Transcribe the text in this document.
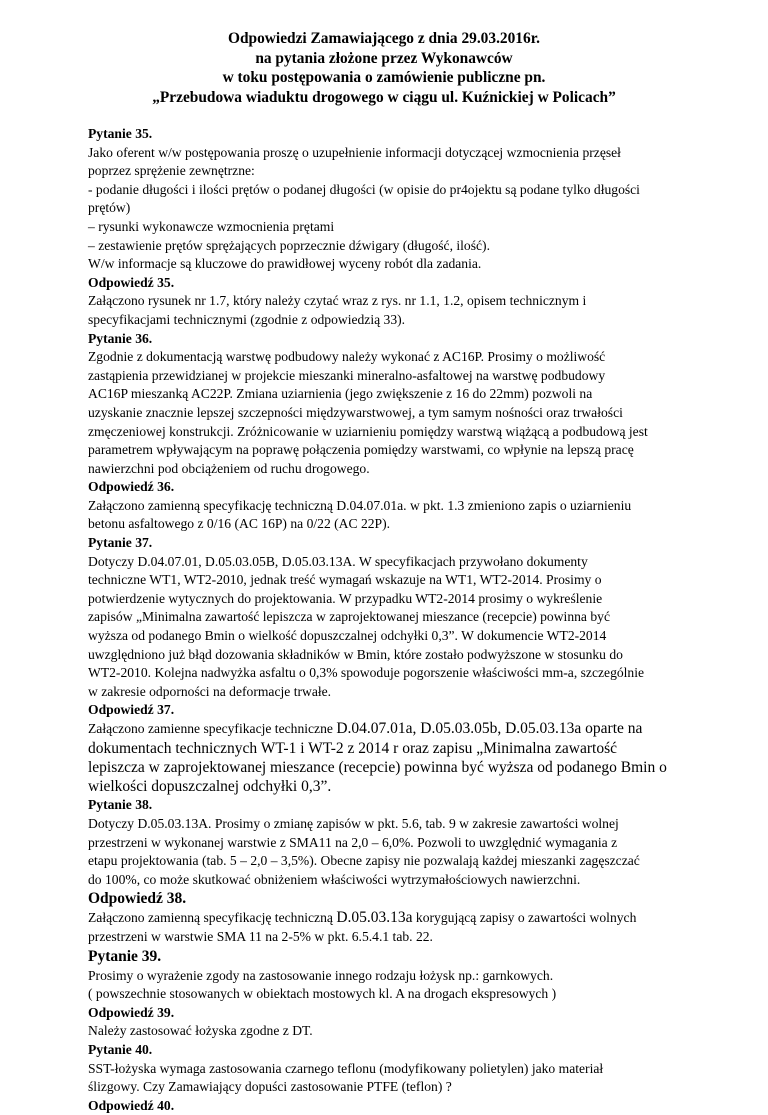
Odpowiedzi Zamawiającego z dnia 29.03.2016r.
na pytania złożone przez Wykonawców
w toku postępowania o zamówienie publiczne pn.
„Przebudowa wiaduktu drogowego w ciągu ul. Kuźnickiej w Policach”
Pytanie 35.
Jako oferent w/w postępowania proszę o uzupełnienie informacji dotyczącej wzmocnienia przęseł
poprzez sprężenie zewnętrzne:
- podanie długości i ilości prętów o podanej długości (w opisie do pr4ojektu są podane tylko długości
prętów)
– rysunki wykonawcze wzmocnienia prętami
– zestawienie prętów sprężających poprzecznie dźwigary (długość, ilość).
W/w informacje są kluczowe do prawidłowej wyceny robót dla zadania.
Odpowiedź 35.
Załączono rysunek nr 1.7, który należy czytać wraz z rys. nr 1.1, 1.2, opisem technicznym i
specyfikacjami technicznymi (zgodnie z odpowiedzią 33).
Pytanie 36.
Zgodnie z dokumentacją warstwę podbudowy należy wykonać z AC16P. Prosimy o możliwość
zastąpienia przewidzianej w projekcie mieszanki mineralno-asfaltowej na warstwę podbudowy
AC16P mieszanką AC22P. Zmiana uziarnienia (jego zwiększenie z 16 do 22mm) pozwoli na
uzyskanie znacznie lepszej szczepności międzywarstwowej, a tym samym nośności oraz trwałości
zmęczeniowej konstrukcji. Zróżnicowanie w uziarnieniu pomiędzy warstwą wiążącą a podbudową jest
parametrem wpływającym na poprawę połączenia pomiędzy warstwami, co wpłynie na lepszą pracę
nawierzchni pod obciążeniem od ruchu drogowego.
Odpowiedź 36.
Załączono zamienną specyfikację techniczną D.04.07.01a. w pkt. 1.3 zmieniono zapis o uziarnieniu
betonu asfaltowego z 0/16 (AC 16P) na 0/22 (AC 22P).
Pytanie 37.
Dotyczy D.04.07.01, D.05.03.05B, D.05.03.13A. W specyfikacjach przywołano dokumenty
techniczne WT1, WT2-2010, jednak treść wymagań wskazuje na WT1, WT2-2014. Prosimy o
potwierdzenie wytycznych do projektowania. W przypadku WT2-2014 prosimy o wykreślenie
zapisów „Minimalna zawartość lepiszcza w zaprojektowanej mieszance (recepcie) powinna być
wyższa od podanego Bmin o wielkość dopuszczalnej odchyłki 0,3”. W dokumencie WT2-2014
uwzględniono już błąd dozowania składników w Bmin, które zostało podwyższone w stosunku do
WT2-2010. Kolejna nadwyżka asfaltu o 0,3% spowoduje pogorszenie właściwości mm-a, szczególnie
w zakresie odporności na deformacje trwałe.
Odpowiedź 37.
Załączono zamienne specyfikacje techniczne D.04.07.01a, D.05.03.05b, D.05.03.13a oparte na
dokumentach technicznych WT-1 i WT-2 z 2014 r oraz zapisu „Minimalna zawartość
lepiszcza w zaprojektowanej mieszance (recepcie) powinna być wyższa od podanego Bmin o
wielkości dopuszczalnej odchyłki 0,3”.
Pytanie 38.
Dotyczy D.05.03.13A. Prosimy o zmianę zapisów w pkt. 5.6, tab. 9 w zakresie zawartości wolnej
przestrzeni w wykonanej warstwie z SMA11 na 2,0 – 6,0%. Pozwoli to uwzględnić wymagania z
etapu projektowania (tab. 5 – 2,0 – 3,5%). Obecne zapisy nie pozwalają każdej mieszanki zagęszczać
do 100%, co może skutkować obniżeniem właściwości wytrzymałościowych nawierzchni.
Odpowiedź 38.
Załączono zamienną specyfikację techniczną D.05.03.13a korygującą zapisy o zawartości wolnych
przestrzeni w warstwie SMA 11 na 2-5% w pkt. 6.5.4.1 tab. 22.
Pytanie 39.
Prosimy o wyrażenie zgody na zastosowanie innego rodzaju łożysk np.: garnkowych.
( powszechnie stosowanych w obiektach mostowych kl. A na drogach ekspresowych )
Odpowiedź 39.
Należy zastosować łożyska zgodne z DT.
Pytanie 40.
SST-łożyska wymaga zastosowania czarnego teflonu (modyfikowany polietylen) jako materiał
ślizgowy. Czy Zamawiający dopuści zastosowanie PTFE (teflon) ?
Odpowiedź 40.
